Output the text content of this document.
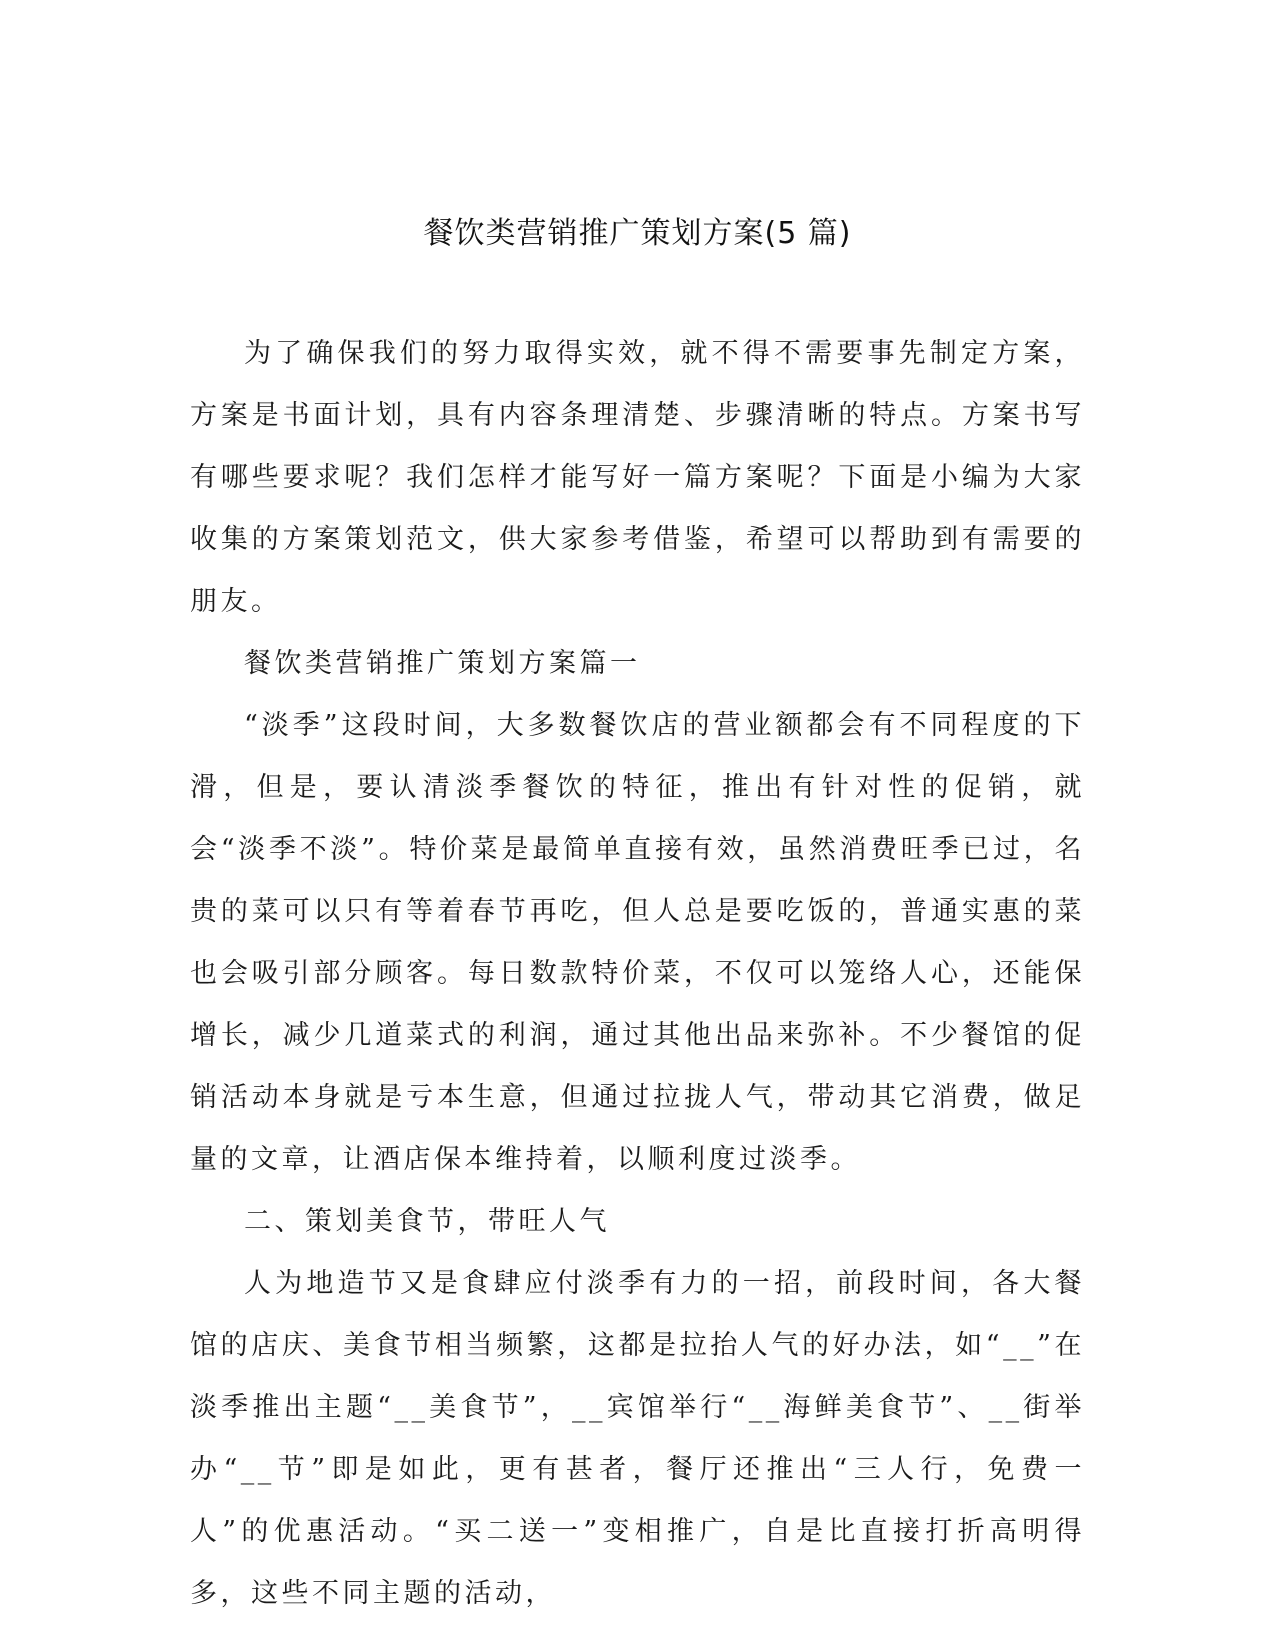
餐饮类营销推广策划方案(5 篇)

为了确保我们的努力取得实效，就不得不需要事先制定方案，方案是书面计划，具有内容条理清楚、步骤清晰的特点。方案书写有哪些要求呢？我们怎样才能写好一篇方案呢？下面是小编为大家收集的方案策划范文，供大家参考借鉴，希望可以帮助到有需要的朋友。

餐饮类营销推广策划方案篇一

“淡季”这段时间，大多数餐饮店的营业额都会有不同程度的下滑，但是，要认清淡季餐饮的特征，推出有针对性的促销，就会“淡季不淡”。特价菜是最简单直接有效，虽然消费旺季已过，名贵的菜可以只有等着春节再吃，但人总是要吃饭的，普通实惠的菜也会吸引部分顾客。每日数款特价菜，不仅可以笼络人心，还能保增长，减少几道菜式的利润，通过其他出品来弥补。不少餐馆的促销活动本身就是亏本生意，但通过拉拢人气，带动其它消费，做足量的文章，让酒店保本维持着，以顺利度过淡季。

二、策划美食节，带旺人气

人为地造节又是食肆应付淡季有力的一招，前段时间，各大餐馆的店庆、美食节相当频繁，这都是拉抬人气的好办法，如“__”在淡季推出主题“__美食节”，__宾馆举行“__海鲜美食节”、__街举办“__节”即是如此，更有甚者，餐厅还推出“三人行，免费一人”的优惠活动。“买二送一”变相推广，自是比直接打折高明得多，这些不同主题的活动，
